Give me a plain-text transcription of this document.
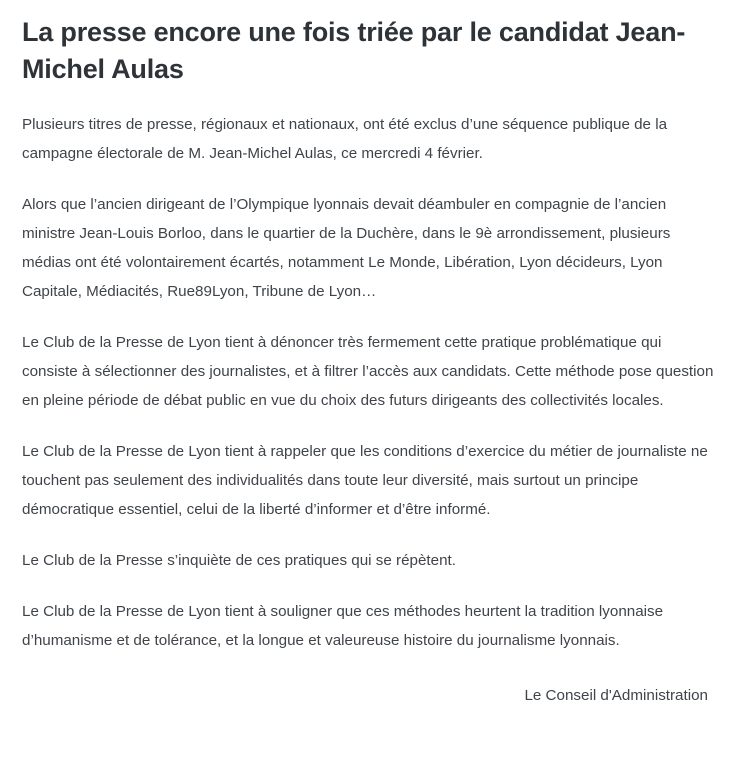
La presse encore une fois triée par le candidat Jean-Michel Aulas

Plusieurs titres de presse, régionaux et nationaux, ont été exclus d’une séquence publique de la campagne électorale de M. Jean-Michel Aulas, ce mercredi 4 février.

Alors que l’ancien dirigeant de l’Olympique lyonnais devait déambuler en compagnie de l’ancien ministre Jean-Louis Borloo, dans le quartier de la Duchère, dans le 9è arrondissement, plusieurs médias ont été volontairement écartés, notamment Le Monde, Libération, Lyon décideurs, Lyon Capitale, Médiacités, Rue89Lyon, Tribune de Lyon…

Le Club de la Presse de Lyon tient à dénoncer très fermement cette pratique problématique qui consiste à sélectionner des journalistes, et à filtrer l’accès aux candidats. Cette méthode pose question en pleine période de débat public en vue du choix des futurs dirigeants des collectivités locales.

Le Club de la Presse de Lyon tient à rappeler que les conditions d’exercice du métier de journaliste ne touchent pas seulement des individualités dans toute leur diversité, mais surtout un principe démocratique essentiel, celui de la liberté d’informer et d’être informé.

Le Club de la Presse s’inquiète de ces pratiques qui se répètent.

Le Club de la Presse de Lyon tient à souligner que ces méthodes heurtent la tradition lyonnaise d’humanisme et de tolérance, et la longue et valeureuse histoire du journalisme lyonnais.

Le Conseil d'Administration
